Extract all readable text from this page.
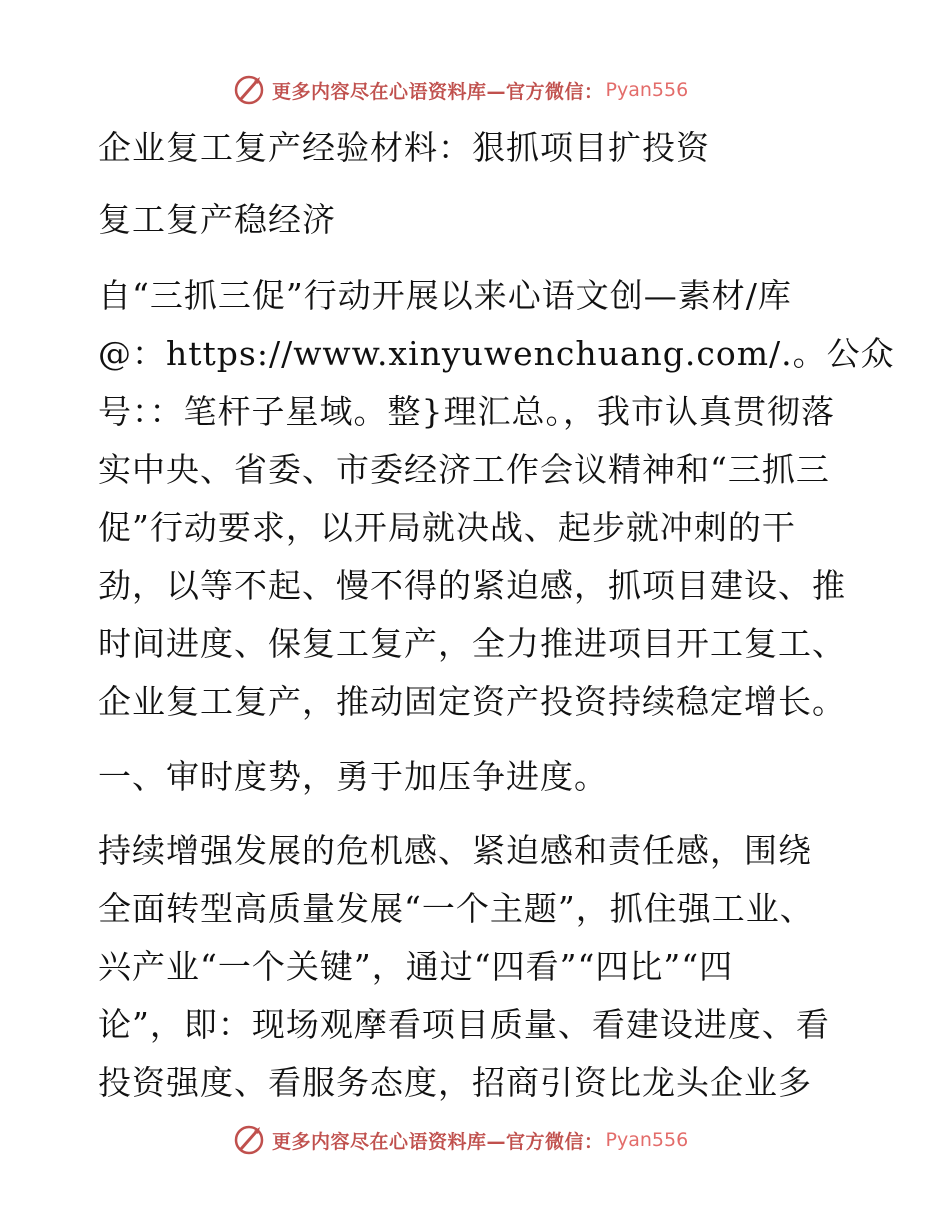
更多内容尽在心语资料库—官方微信： Pyan556
企业复工复产经验材料：狠抓项目扩投资
复工复产稳经济
自“三抓三促”行动开展以来心语文创—素材/库
@：https://www.xinyuwenchuang.com/.。公众
号：：笔杆子星域。整}理汇总。，我市认真贯彻落
实中央、省委、市委经济工作会议精神和“三抓三
促”行动要求，以开局就决战、起步就冲刺的干
劲，以等不起、慢不得的紧迫感，抓项目建设、推
时间进度、保复工复产，全力推进项目开工复工、
企业复工复产，推动固定资产投资持续稳定增长。
一、审时度势，勇于加压争进度。
持续增强发展的危机感、紧迫感和责任感，围绕
全面转型高质量发展“一个主题”，抓住强工业、
兴产业“一个关键”，通过“四看”“四比”“四
论”，即：现场观摩看项目质量、看建设进度、看
投资强度、看服务态度，招商引资比龙头企业多
更多内容尽在心语资料库—官方微信： Pyan556
